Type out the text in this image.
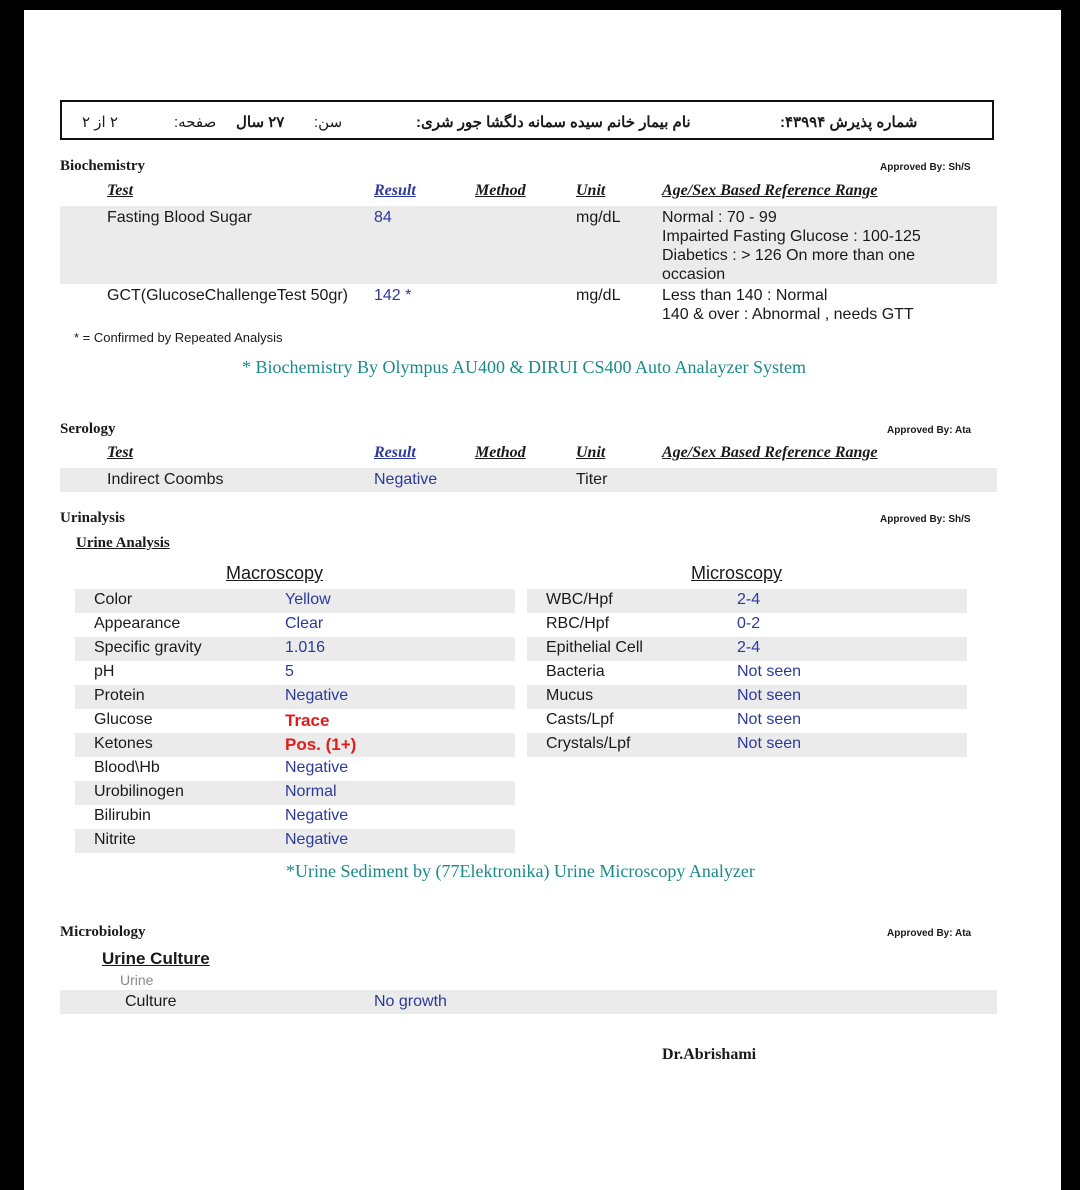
۲ از ۲	صفحه: ۲۷ سال سن:	نام بیمار خانم سیده سمانه دلگشا جور شری:	شماره پذیرش ۴۳۹۹۴:
Biochemistry	Approved By: Sh/S
Test	Result	Method	Unit	Age/Sex Based Reference Range
Fasting Blood Sugar	84	mg/dL	Normal : 70 - 99
Impairted Fasting Glucose : 100-125
Diabetics : > 126 On more than one
occasion
GCT(GlucoseChallengeTest 50gr) 142 *	mg/dL	Less than 140 : Normal
140 & over : Abnormal , needs GTT
* = Confirmed by Repeated Analysis
* Biochemistry By Olympus AU400 & DIRUI CS400 Auto Analayzer System
Serology	Approved By: Ata
Test	Result	Method	Unit	Age/Sex Based Reference Range
Indirect Coombs	Negative	Titer
Urinalysis	Approved By: Sh/S
Urine Analysis
Macroscopy	Microscopy
Color	Yellow
Appearance	Clear
Specific gravity	1.016
pH	5
Protein	Negative
Glucose	Trace
Ketones	Pos. (1+)
Blood\Hb	Negative
Urobilinogen	Normal
Bilirubin	Negative
Nitrite	Negative
WBC/Hpf	2-4
RBC/Hpf	0-2
Epithelial Cell	2-4
Bacteria	Not seen
Mucus	Not seen
Casts/Lpf	Not seen
Crystals/Lpf	Not seen
*Urine Sediment by (77Elektronika) Urine Microscopy Analyzer
Microbiology	Approved By: Ata
Urine Culture
Urine
Culture	No growth
Dr.Abrishami
